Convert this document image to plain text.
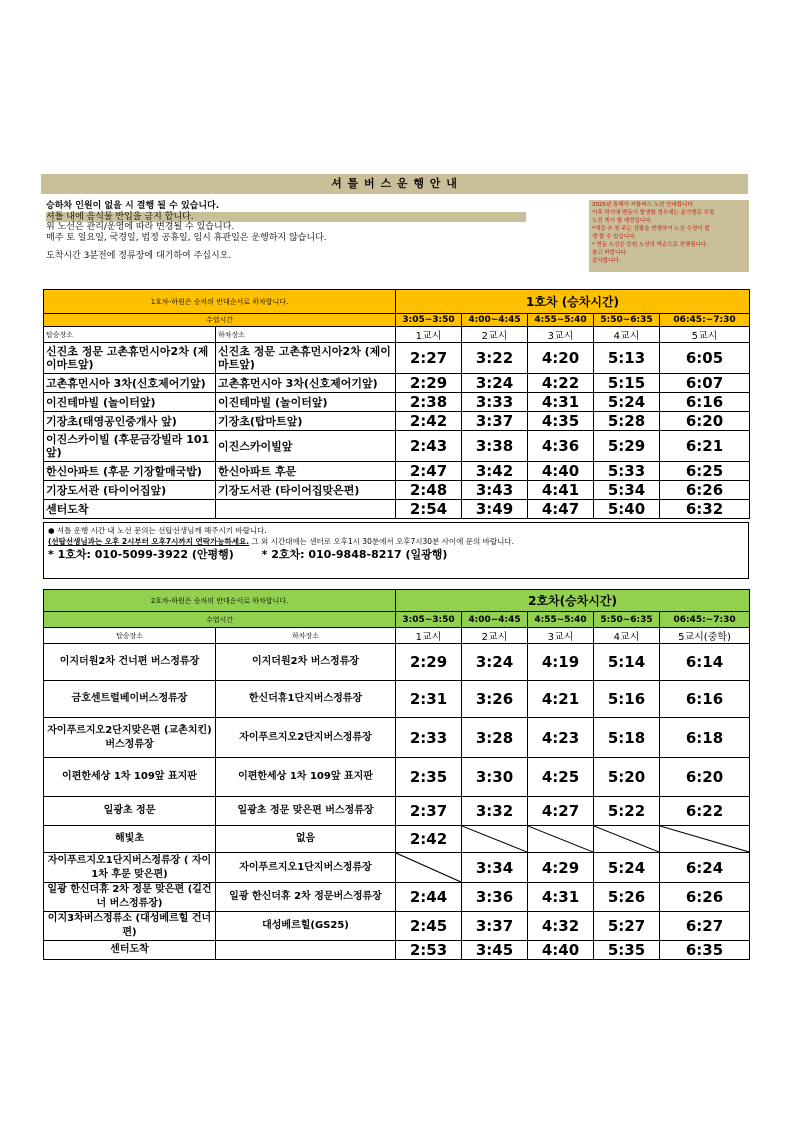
셔 틀 버 스 운 행 안 내
승하차 인원이 없을 시 결행 될 수 있습니다.
셔틀 내에 음식물 반입을 금지 합니다.
위 노선은 관리/운영에 따라 변경될 수 있습니다.
매주 토 일요일, 국경일, 법정 공휴일, 임시 휴관일은 운행하지 않습니다.
도착시간 3분전에 정류장에 대기하여 주십시오.
2025년 통해가 셔틀버스 노선 안내합니다.
이후 학기에 변동이 발생할 경우에는 분기별로 수정
노선 게시 할 예정입니다.
*개강 추 첫 주는 상황을 반영하여 노선 수정이 발
생 할 수 있습니다.
* 현동 노선은 등원 노선의 역순으로 진행됩니다.
참고 바랍니다.
감사합니다.
1호차-하원은 승차의 반대순서로 하차합니다.		1호차 (승차시간)				
수업시간		3:05~3:50	4:00~4:45	4:55~5:40	5:50~6:35	06:45:~7:30
탑승장소	하차장소	1교시	2교시	3교시	4교시	5교시
신진초 정문 고촌휴먼시아2차 (제이마트앞)	신진초 정문 고촌휴먼시아2차 (제이마트앞)	2:27	3:22	4:20	5:13	6:05
고촌휴먼시아 3차(신호제어기앞)	고촌휴먼시아 3차(신호제어기앞)	2:29	3:24	4:22	5:15	6:07
이진테마빌 (놀이터앞)	이진테마빌 (놀이터앞)	2:38	3:33	4:31	5:24	6:16
기장초(태영공인중개사 앞)	기장초(탑마트앞)	2:42	3:37	4:35	5:28	6:20
이진스카이빌 (후문금강빌라 101 앞)	이진스카이빌앞	2:43	3:38	4:36	5:29	6:21
한신아파트 (후문 기장할매국밥)	한신아파트 후문	2:47	3:42	4:40	5:33	6:25
기장도서관 (타이어집앞)	기장도서관 (타이어집맞은편)	2:48	3:43	4:41	5:34	6:26
센터도착		2:54	3:49	4:47	5:40	6:32
● 셔틀 운행 시간 내 노선 문의는 선탑선생님께 해주시기 바랍니다.
(선탑선생님과는 오후 2시부터 오후7시까지 연락가능하세요. 그 외 시간대에는 센터로 오후1시 30분에서 오후7시30분 사이에 문의 바랍니다.
* 1호차: 010-5099-3922 (안평행)	* 2호차: 010-9848-8217 (일광행)
2호차-하원은 승차의 반대순서로 하차합니다.		2호차(승차시간)				
수업시간		3:05~3:50	4:00~4:45	4:55~5:40	5:50~6:35	06:45:~7:30
탑승장소	하차장소	1교시	2교시	3교시	4교시	5교시(중학)
이지더원2차 건너편 버스정류장	이지더원2차 버스정류장	2:29	3:24	4:19	5:14	6:14
금호센트럴베이버스정류장	한신더휴1단지버스정류장	2:31	3:26	4:21	5:16	6:16
자이푸르지오2단지맞은편 (교촌치킨)버스정류장	자이푸르지오2단지버스정류장	2:33	3:28	4:23	5:18	6:18
이편한세상 1차 109앞 표지판	이편한세상 1차 109앞 표지판	2:35	3:30	4:25	5:20	6:20
일광초 정문	일광초 정문 맞은편 버스정류장	2:37	3:32	4:27	5:22	6:22
해빛초	없음	2:42	

자이푸르지오1단지버스정류장 ( 자이 1차 후문 맞은편)	자이푸르지오1단지버스정류장		3:34	4:29	5:24	6:24
일광 한신더휴 2차 정문 맞은편 (길건너 버스정류장)	일광 한신더휴 2차 정문버스정류장	2:44	3:36	4:31	5:26	6:26
이지3차버스정류소 (대성베르힐 건너편)	대성베르힐(GS25)	2:45	3:37	4:32	5:27	6:27
센터도착		2:53	3:45	4:40	5:35	6:35
